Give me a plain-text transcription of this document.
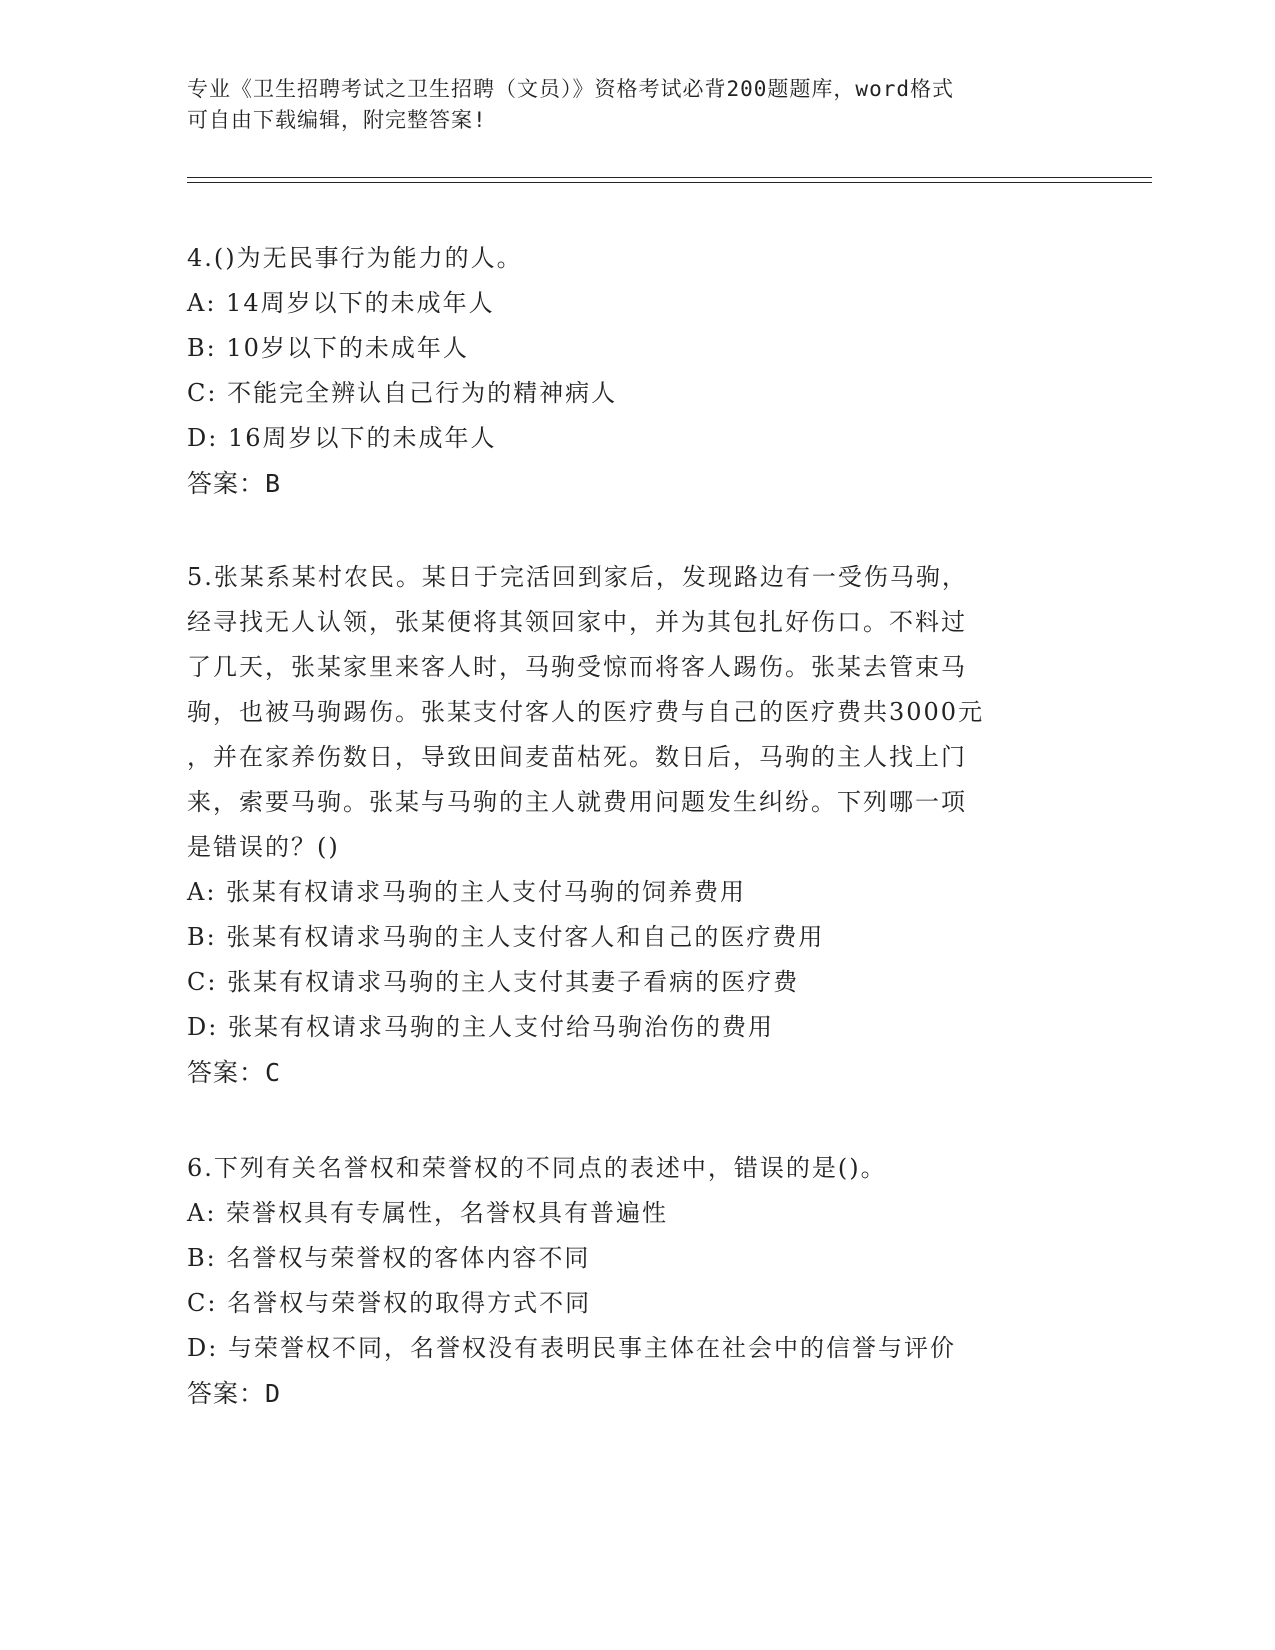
专业《卫生招聘考试之卫生招聘（文员）》资格考试必背200题题库，word格式
可自由下载编辑，附完整答案!
4.()为无民事行为能力的人。
A: 14周岁以下的未成年人
B: 10岁以下的未成年人
C: 不能完全辨认自己行为的精神病人
D: 16周岁以下的未成年人
答案：B
5.张某系某村农民。某日于完活回到家后，发现路边有一受伤马驹，
经寻找无人认领，张某便将其领回家中，并为其包扎好伤口。不料过
了几天，张某家里来客人时，马驹受惊而将客人踢伤。张某去管束马
驹，也被马驹踢伤。张某支付客人的医疗费与自己的医疗费共3000元
，并在家养伤数日，导致田间麦苗枯死。数日后，马驹的主人找上门
来，索要马驹。张某与马驹的主人就费用问题发生纠纷。下列哪一项
是错误的？()
A: 张某有权请求马驹的主人支付马驹的饲养费用
B: 张某有权请求马驹的主人支付客人和自己的医疗费用
C: 张某有权请求马驹的主人支付其妻子看病的医疗费
D: 张某有权请求马驹的主人支付给马驹治伤的费用
答案：C
6.下列有关名誉权和荣誉权的不同点的表述中，错误的是()。
A: 荣誉权具有专属性，名誉权具有普遍性
B: 名誉权与荣誉权的客体内容不同
C: 名誉权与荣誉权的取得方式不同
D: 与荣誉权不同，名誉权没有表明民事主体在社会中的信誉与评价
答案：D
